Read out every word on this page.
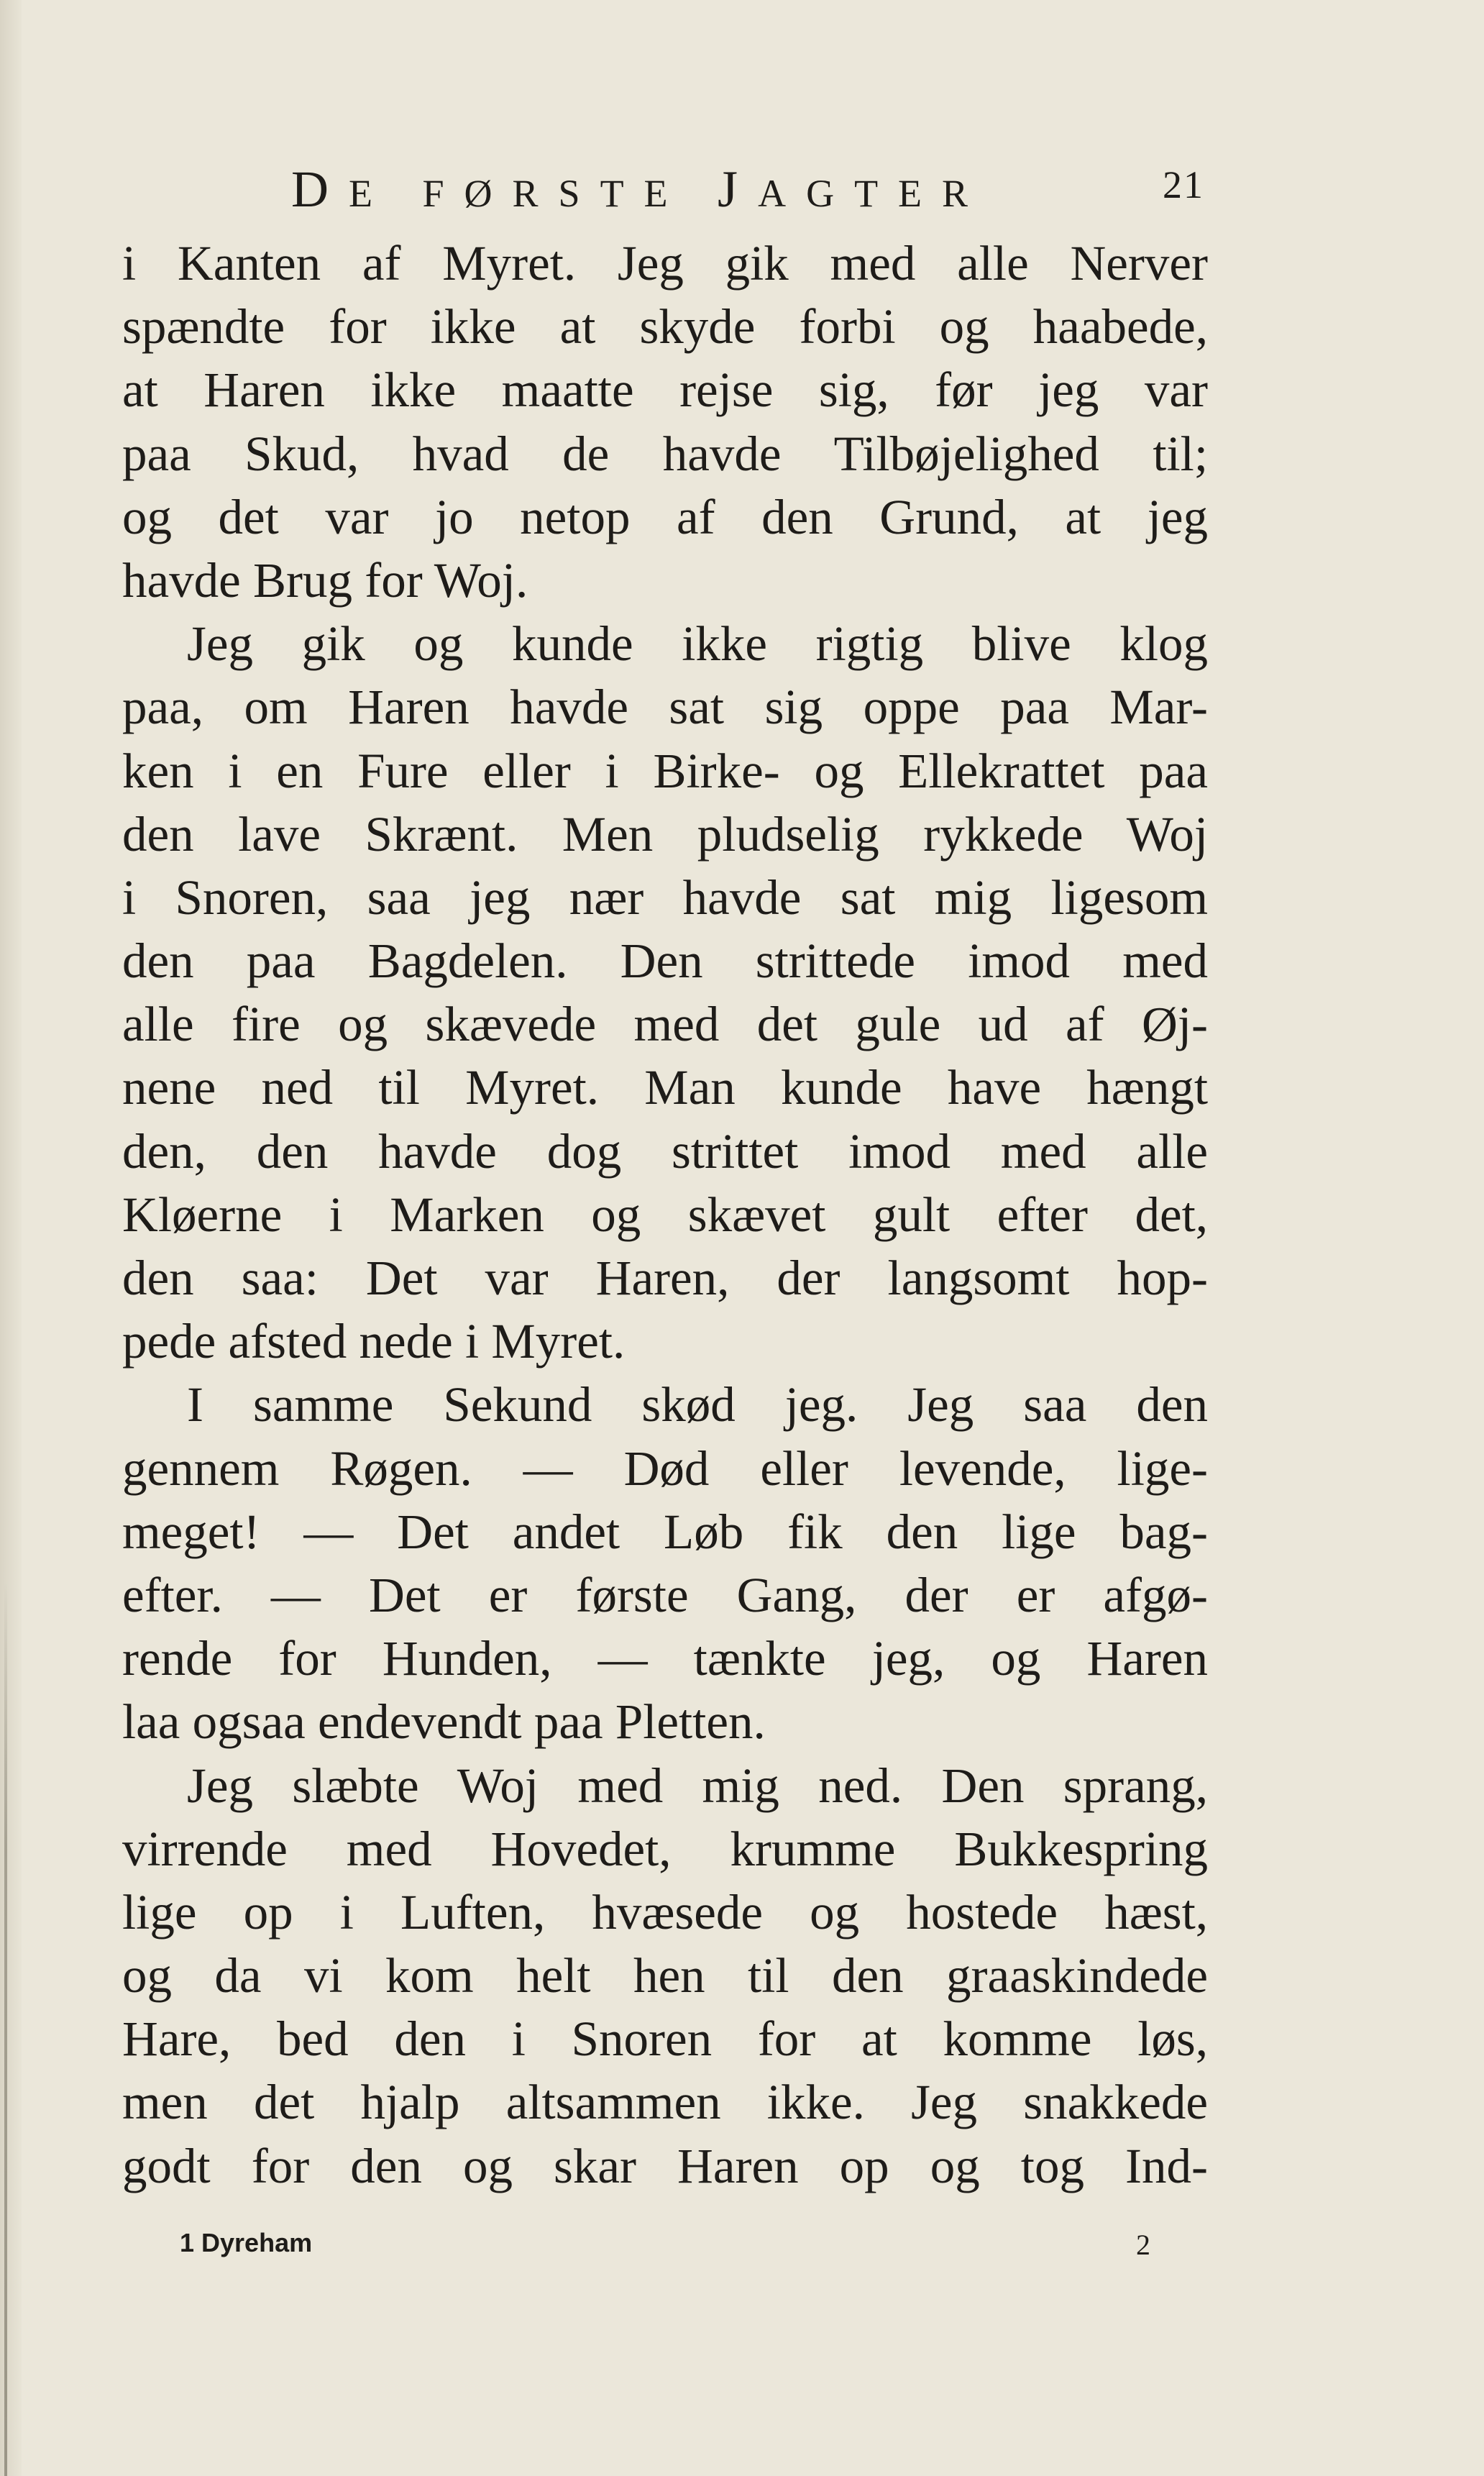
DE FØRSTE JAGTER	21
i Kanten af Myret. Jeg gik med alle Nerver
spændte for ikke at skyde forbi og haabede,
at Haren ikke maatte rejse sig, før jeg var
paa Skud, hvad de havde Tilbøjelighed til;
og det var jo netop af den Grund, at jeg
havde Brug for Woj.
Jeg gik og kunde ikke rigtig blive klog
paa, om Haren havde sat sig oppe paa Mar-
ken i en Fure eller i Birke- og Ellekrattet paa
den lave Skrænt. Men pludselig rykkede Woj
i Snoren, saa jeg nær havde sat mig ligesom
den paa Bagdelen. Den strittede imod med
alle fire og skævede med det gule ud af Øj-
nene ned til Myret. Man kunde have hængt
den, den havde dog strittet imod med alle
Kløerne i Marken og skævet gult efter det,
den saa: Det var Haren, der langsomt hop-
pede afsted nede i Myret.
I samme Sekund skød jeg. Jeg saa den
gennem Røgen. — Død eller levende, lige-
meget! — Det andet Løb fik den lige bag-
efter. — Det er første Gang, der er afgø-
rende for Hunden, — tænkte jeg, og Haren
laa ogsaa endevendt paa Pletten.
Jeg slæbte Woj med mig ned. Den sprang,
virrende med Hovedet, krumme Bukkespring
lige op i Luften, hvæsede og hostede hæst,
og da vi kom helt hen til den graaskindede
Hare, bed den i Snoren for at komme løs,
men det hjalp altsammen ikke. Jeg snakkede
godt for den og skar Haren op og tog Ind-
1 Dyreham	2
